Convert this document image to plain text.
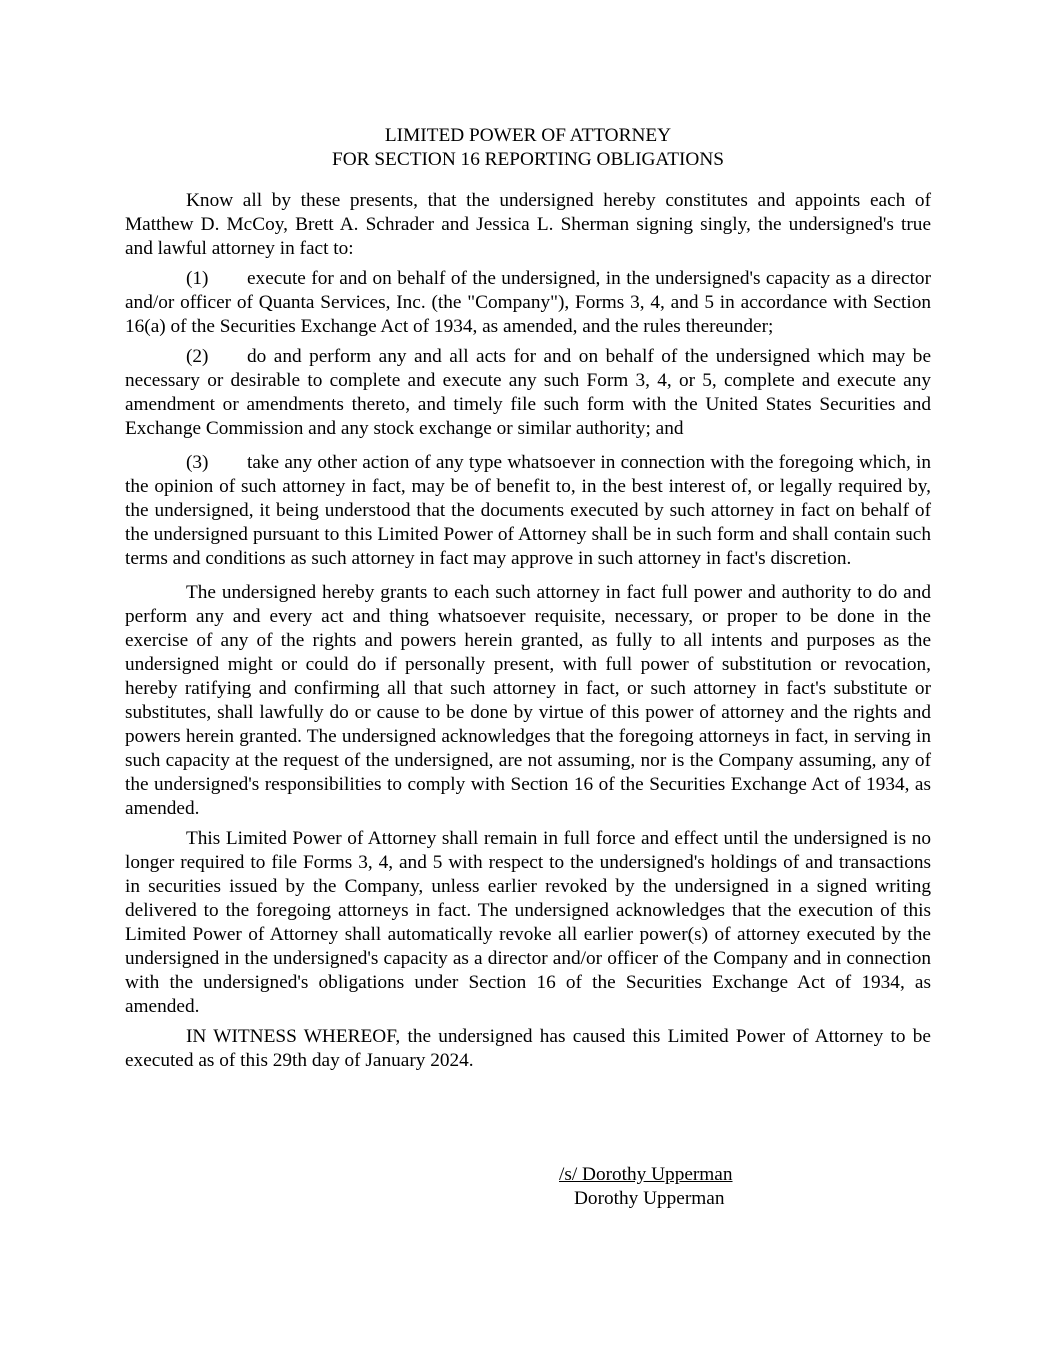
LIMITED POWER OF ATTORNEY
FOR SECTION 16 REPORTING OBLIGATIONS

Know all by these presents, that the undersigned hereby constitutes and appoints each of Matthew D. McCoy, Brett A. Schrader and Jessica L. Sherman signing singly, the undersigned's true and lawful attorney in fact to:

(1) execute for and on behalf of the undersigned, in the undersigned's capacity as a director and/or officer of Quanta Services, Inc. (the "Company"), Forms 3, 4, and 5 in accordance with Section 16(a) of the Securities Exchange Act of 1934, as amended, and the rules thereunder;

(2) do and perform any and all acts for and on behalf of the undersigned which may be necessary or desirable to complete and execute any such Form 3, 4, or 5, complete and execute any amendment or amendments thereto, and timely file such form with the United States Securities and Exchange Commission and any stock exchange or similar authority; and

(3) take any other action of any type whatsoever in connection with the foregoing which, in the opinion of such attorney in fact, may be of benefit to, in the best interest of, or legally required by, the undersigned, it being understood that the documents executed by such attorney in fact on behalf of the undersigned pursuant to this Limited Power of Attorney shall be in such form and shall contain such terms and conditions as such attorney in fact may approve in such attorney in fact's discretion.

The undersigned hereby grants to each such attorney in fact full power and authority to do and perform any and every act and thing whatsoever requisite, necessary, or proper to be done in the exercise of any of the rights and powers herein granted, as fully to all intents and purposes as the undersigned might or could do if personally present, with full power of substitution or revocation, hereby ratifying and confirming all that such attorney in fact, or such attorney in fact's substitute or substitutes, shall lawfully do or cause to be done by virtue of this power of attorney and the rights and powers herein granted. The undersigned acknowledges that the foregoing attorneys in fact, in serving in such capacity at the request of the undersigned, are not assuming, nor is the Company assuming, any of the undersigned's responsibilities to comply with Section 16 of the Securities Exchange Act of 1934, as amended.

This Limited Power of Attorney shall remain in full force and effect until the undersigned is no longer required to file Forms 3, 4, and 5 with respect to the undersigned's holdings of and transactions in securities issued by the Company, unless earlier revoked by the undersigned in a signed writing delivered to the foregoing attorneys in fact. The undersigned acknowledges that the execution of this Limited Power of Attorney shall automatically revoke all earlier power(s) of attorney executed by the undersigned in the undersigned's capacity as a director and/or officer of the Company and in connection with the undersigned's obligations under Section 16 of the Securities Exchange Act of 1934, as amended.

IN WITNESS WHEREOF, the undersigned has caused this Limited Power of Attorney to be executed as of this 29th day of January 2024.

/s/ Dorothy Upperman
Dorothy Upperman
